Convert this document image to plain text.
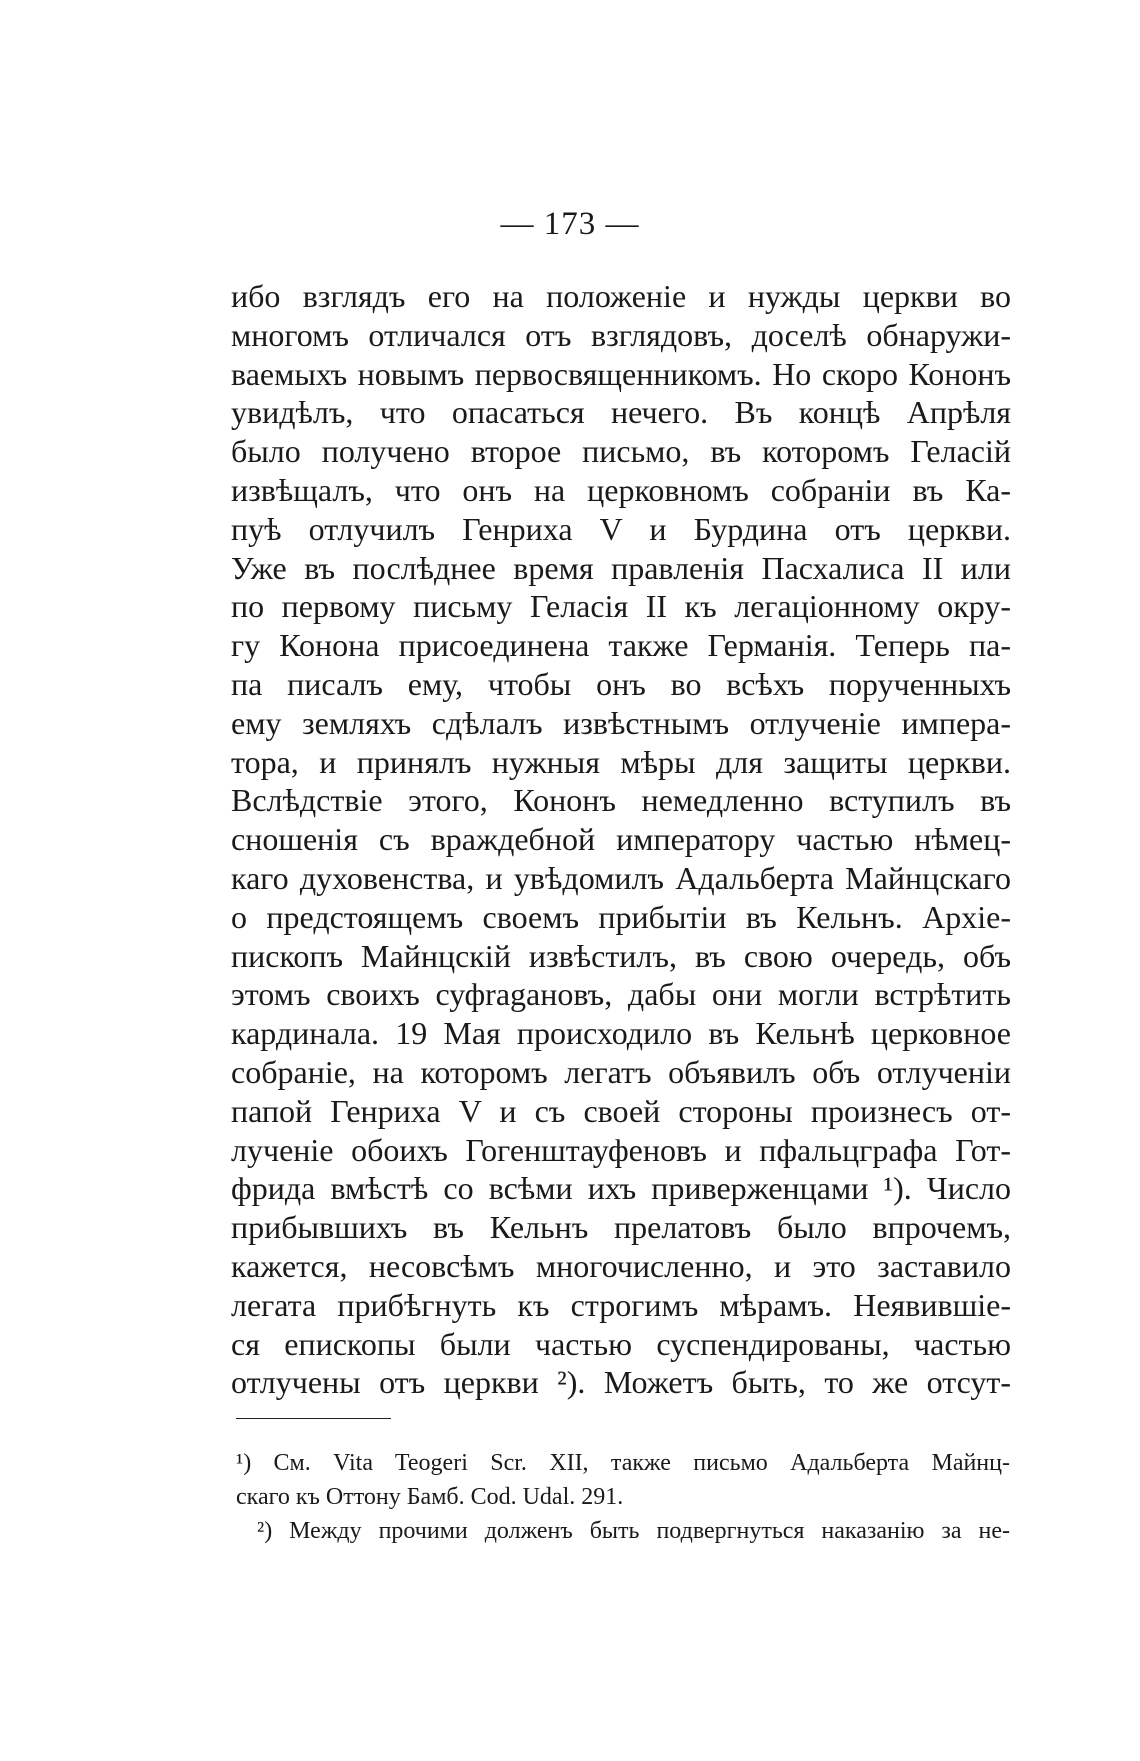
— 173 —
ибо взглядъ его на положеніе и нужды церкви во
многомъ отличался отъ взглядовъ, доселѣ обнаружи-
ваемыхъ новымъ первосвященникомъ. Но скоро Кононъ
увидѣлъ, что опасаться нечего. Въ концѣ Апрѣля
было получено второе письмо, въ которомъ Геласій
извѣщалъ, что онъ на церковномъ собраніи въ Ка-
пуѣ отлучилъ Генриха V и Бурдина отъ церкви.
Уже въ послѣднее время правленія Пасхалиса II или
по первому письму Геласія II къ легаціонному окру-
гу Конона присоединена также Германія. Теперь па-
па писалъ ему, чтобы онъ во всѣхъ порученныхъ
ему земляхъ сдѣлалъ извѣстнымъ отлученіе импера-
тора, и принялъ нужныя мѣры для защиты церкви.
Вслѣдствіе этого, Кононъ немедленно вступилъ въ
сношенія съ враждебной императору частью нѣмец-
каго духовенства, и увѣдомилъ Адальберта Майнцскаго
о предстоящемъ своемъ прибытіи въ Кельнъ. Архіе-
пископъ Майнцскій извѣстилъ, въ свою очередь, объ
этомъ своихъ суфragановъ, дабы они могли встрѣтить
кардинала. 19 Мая происходило въ Кельнѣ церковное
собраніе, на которомъ легатъ объявилъ объ отлученіи
папой Генриха V и съ своей стороны произнесъ от-
лученіе обоихъ Гогенштауфеновъ и пфальцграфа Гот-
фрида вмѣстѣ со всѣми ихъ приверженцами ¹). Число
прибывшихъ въ Кельнъ прелатовъ было впрочемъ,
кажется, несовсѣмъ многочисленно, и это заставило
легата прибѣгнуть къ строгимъ мѣрамъ. Неявившіе-
ся епископы были частью суспендированы, частью
отлучены отъ церкви ²). Можетъ быть, то же отсут-
¹) См. Vita Teogeri Scr. XII, также письмо Адальберта Майнц-
скаго къ Оттону Бамб. Cod. Udal. 291.
²) Между прочими долженъ быть подвергнуться наказанію за не-
